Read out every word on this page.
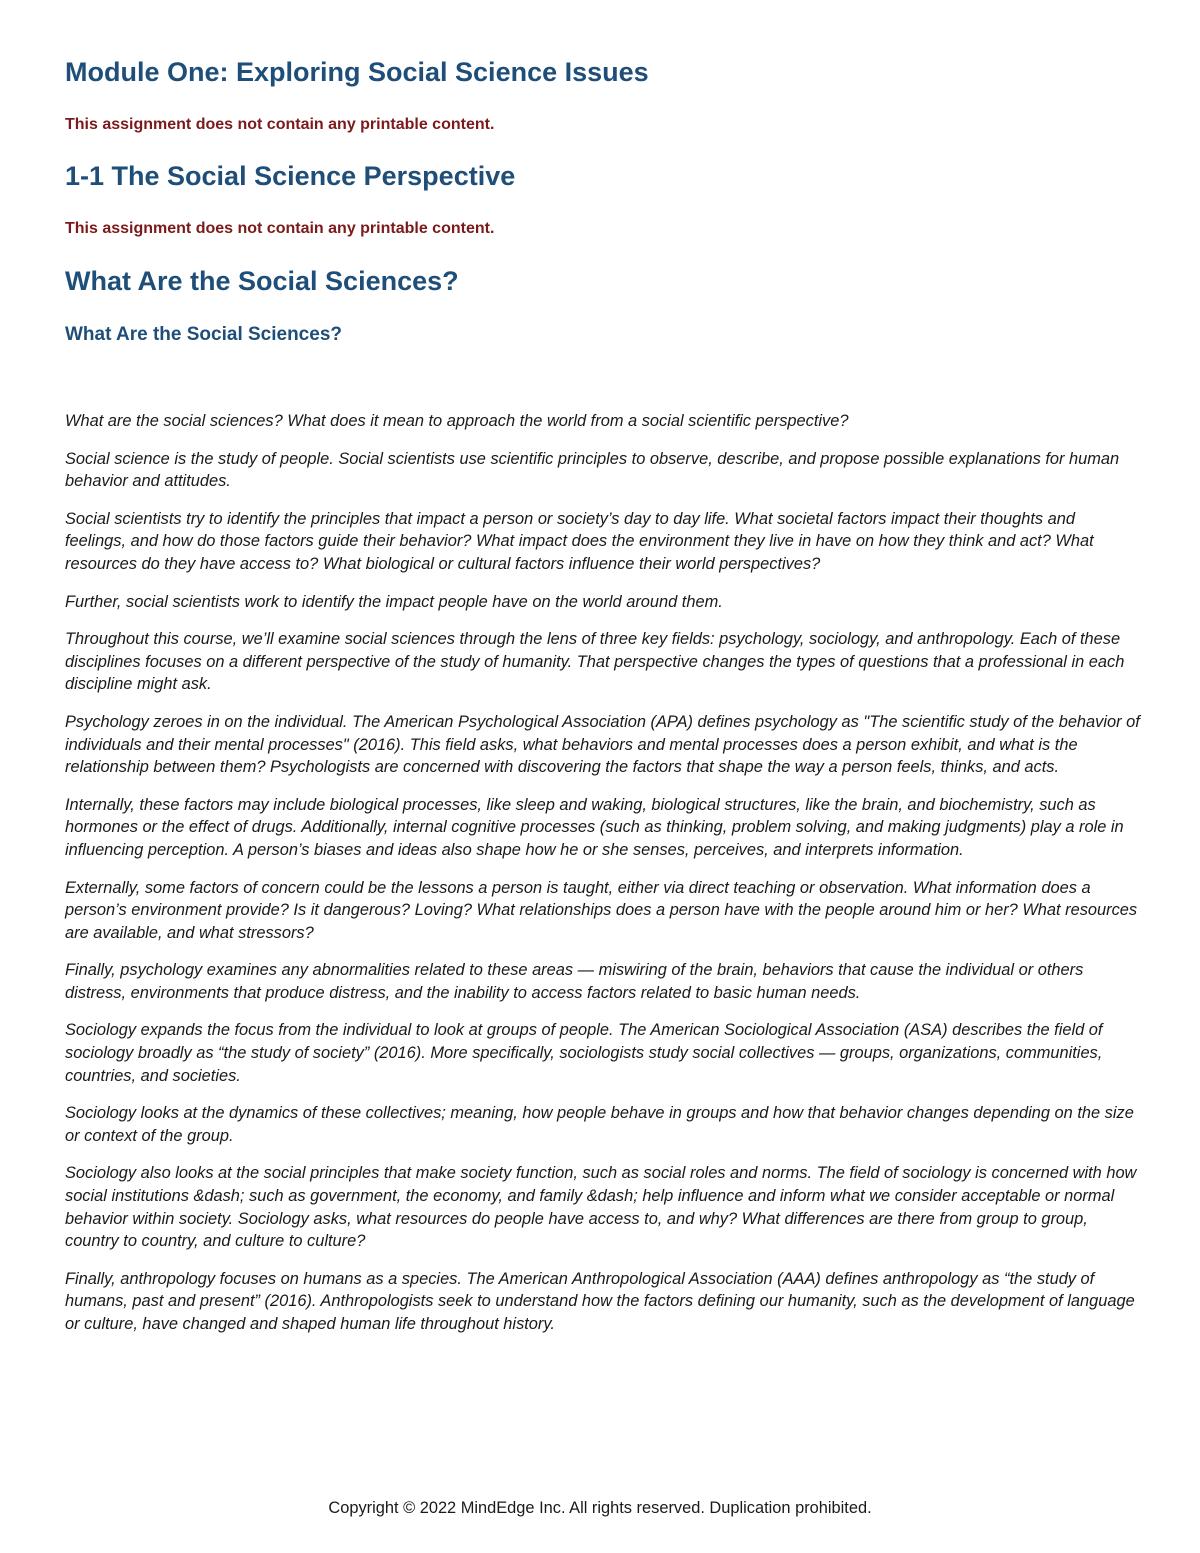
Module One: Exploring Social Science Issues
This assignment does not contain any printable content.
1-1 The Social Science Perspective
This assignment does not contain any printable content.
What Are the Social Sciences?
What Are the Social Sciences?

What are the social sciences? What does it mean to approach the world from a social scientific perspective?

Social science is the study of people. Social scientists use scientific principles to observe, describe, and propose possible explanations for human behavior and attitudes.

Social scientists try to identify the principles that impact a person or society’s day to day life. What societal factors impact their thoughts and feelings, and how do those factors guide their behavior? What impact does the environment they live in have on how they think and act? What resources do they have access to? What biological or cultural factors influence their world perspectives?

Further, social scientists work to identify the impact people have on the world around them.

Throughout this course, we’ll examine social sciences through the lens of three key fields: psychology, sociology, and anthropology. Each of these disciplines focuses on a different perspective of the study of humanity. That perspective changes the types of questions that a professional in each discipline might ask.

Psychology zeroes in on the individual. The American Psychological Association (APA) defines psychology as "The scientific study of the behavior of individuals and their mental processes" (2016). This field asks, what behaviors and mental processes does a person exhibit, and what is the relationship between them? Psychologists are concerned with discovering the factors that shape the way a person feels, thinks, and acts.

Internally, these factors may include biological processes, like sleep and waking, biological structures, like the brain, and biochemistry, such as hormones or the effect of drugs. Additionally, internal cognitive processes (such as thinking, problem solving, and making judgments) play a role in influencing perception. A person’s biases and ideas also shape how he or she senses, perceives, and interprets information.

Externally, some factors of concern could be the lessons a person is taught, either via direct teaching or observation. What information does a person’s environment provide? Is it dangerous? Loving? What relationships does a person have with the people around him or her? What resources are available, and what stressors?

Finally, psychology examines any abnormalities related to these areas — miswiring of the brain, behaviors that cause the individual or others distress, environments that produce distress, and the inability to access factors related to basic human needs.

Sociology expands the focus from the individual to look at groups of people. The American Sociological Association (ASA) describes the field of sociology broadly as “the study of society” (2016). More specifically, sociologists study social collectives — groups, organizations, communities, countries, and societies.

Sociology looks at the dynamics of these collectives; meaning, how people behave in groups and how that behavior changes depending on the size or context of the group.

Sociology also looks at the social principles that make society function, such as social roles and norms. The field of sociology is concerned with how social institutions &dash; such as government, the economy, and family &dash; help influence and inform what we consider acceptable or normal behavior within society. Sociology asks, what resources do people have access to, and why? What differences are there from group to group, country to country, and culture to culture?

Finally, anthropology focuses on humans as a species. The American Anthropological Association (AAA) defines anthropology as “the study of humans, past and present” (2016). Anthropologists seek to understand how the factors defining our humanity, such as the development of language or culture, have changed and shaped human life throughout history.

Copyright © 2022 MindEdge Inc. All rights reserved. Duplication prohibited.
